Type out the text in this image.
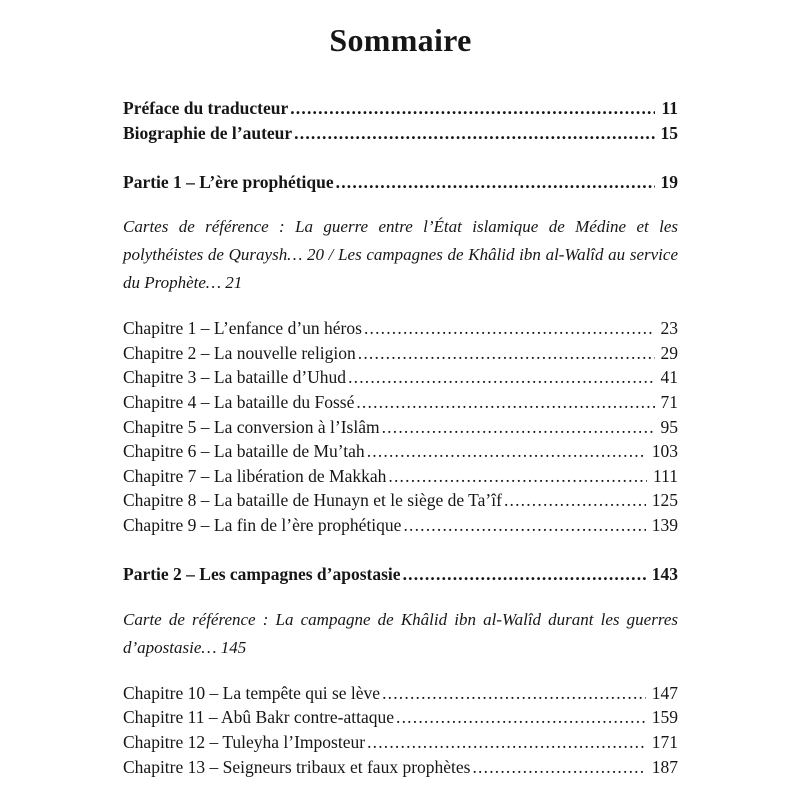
Sommaire
Préface du traducteur .....	11
Biographie de l’auteur .....	15
Partie 1 – L’ère prophétique .....	19

Cartes de référence : La guerre entre l’État islamique de Médine et les polythéistes de Quraysh… 20 / Les campagnes de Khâlid ibn al-Walîd au service du Prophète… 21

Chapitre 1 – L’enfance d’un héros .....	23
Chapitre 2 – La nouvelle religion .....	29
Chapitre 3 – La bataille d’Uhud .....	41
Chapitre 4 – La bataille du Fossé .....	71
Chapitre 5 – La conversion à l’Islâm .....	95
Chapitre 6 – La bataille de Mu’tah .....	103
Chapitre 7 – La libération de Makkah .....	111
Chapitre 8 – La bataille de Hunayn et le siège de Ta’îf .....	125
Chapitre 9 – La fin de l’ère prophétique .....	139
Partie 2 – Les campagnes d’apostasie .....	143

Carte de référence : La campagne de Khâlid ibn al-Walîd durant les guerres d’apostasie… 145

Chapitre 10 – La tempête qui se lève .....	147
Chapitre 11 – Abû Bakr contre-attaque .....	159
Chapitre 12 – Tuleyha l’Imposteur .....	171
Chapitre 13 – Seigneurs tribaux et faux prophètes .....	187
